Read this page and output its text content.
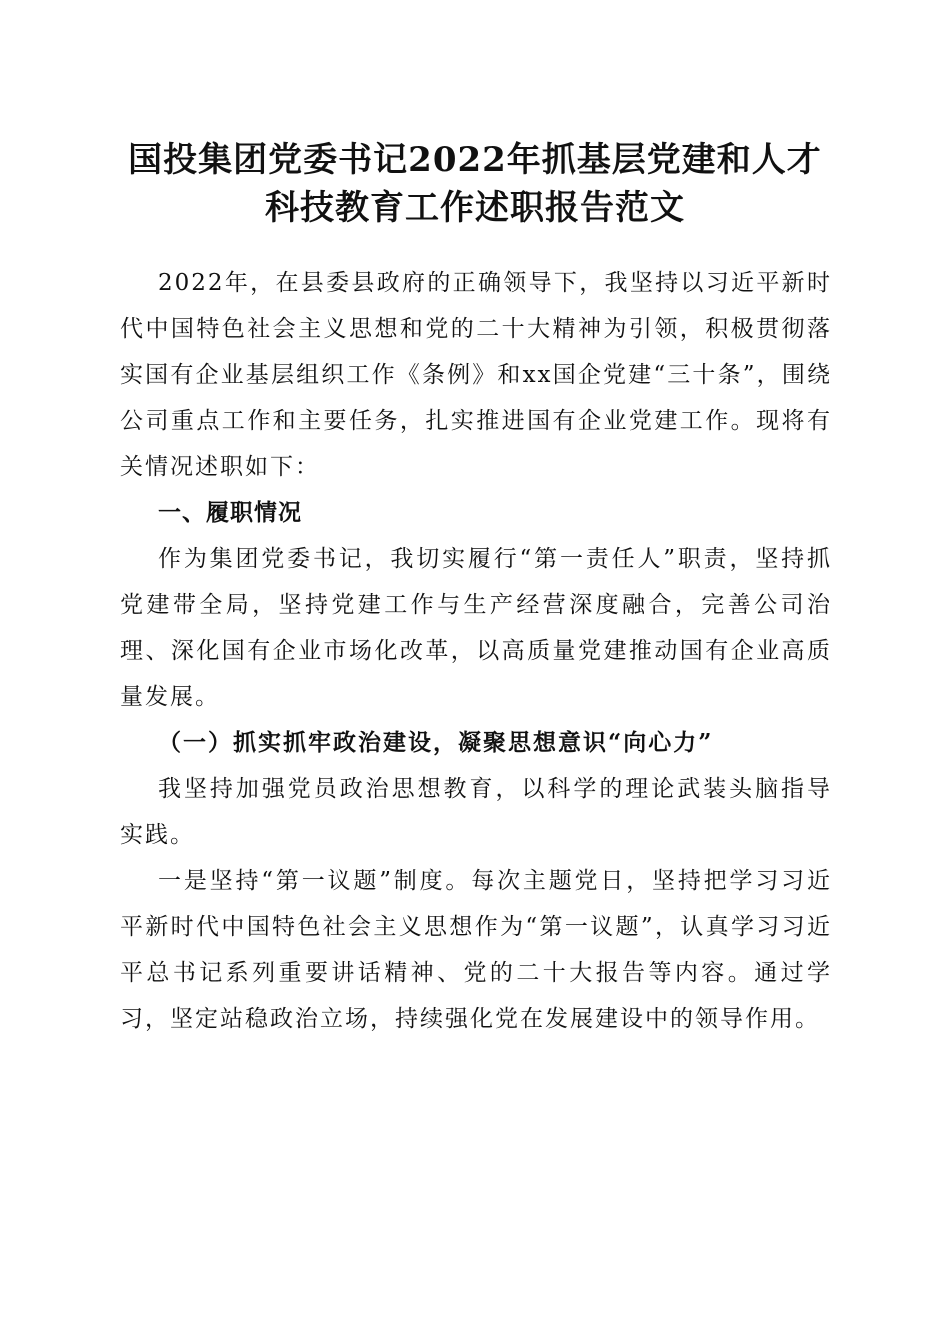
国投集团党委书记2022年抓基层党建和人才
科技教育工作述职报告范文

2022年，在县委县政府的正确领导下，我坚持以习近平新时代中国特色社会主义思想和党的二十大精神为引领，积极贯彻落实国有企业基层组织工作《条例》和xx国企党建“三十条”，围绕公司重点工作和主要任务，扎实推进国有企业党建工作。现将有关情况述职如下：

一、履职情况

作为集团党委书记，我切实履行“第一责任人”职责，坚持抓党建带全局，坚持党建工作与生产经营深度融合，完善公司治理、深化国有企业市场化改革，以高质量党建推动国有企业高质量发展。

（一）抓实抓牢政治建设，凝聚思想意识“向心力”

我坚持加强党员政治思想教育，以科学的理论武装头脑指导实践。

一是坚持“第一议题”制度。每次主题党日，坚持把学习习近平新时代中国特色社会主义思想作为“第一议题”，认真学习习近平总书记系列重要讲话精神、党的二十大报告等内容。通过学习，坚定站稳政治立场，持续强化党在发展建设中的领导作用。
